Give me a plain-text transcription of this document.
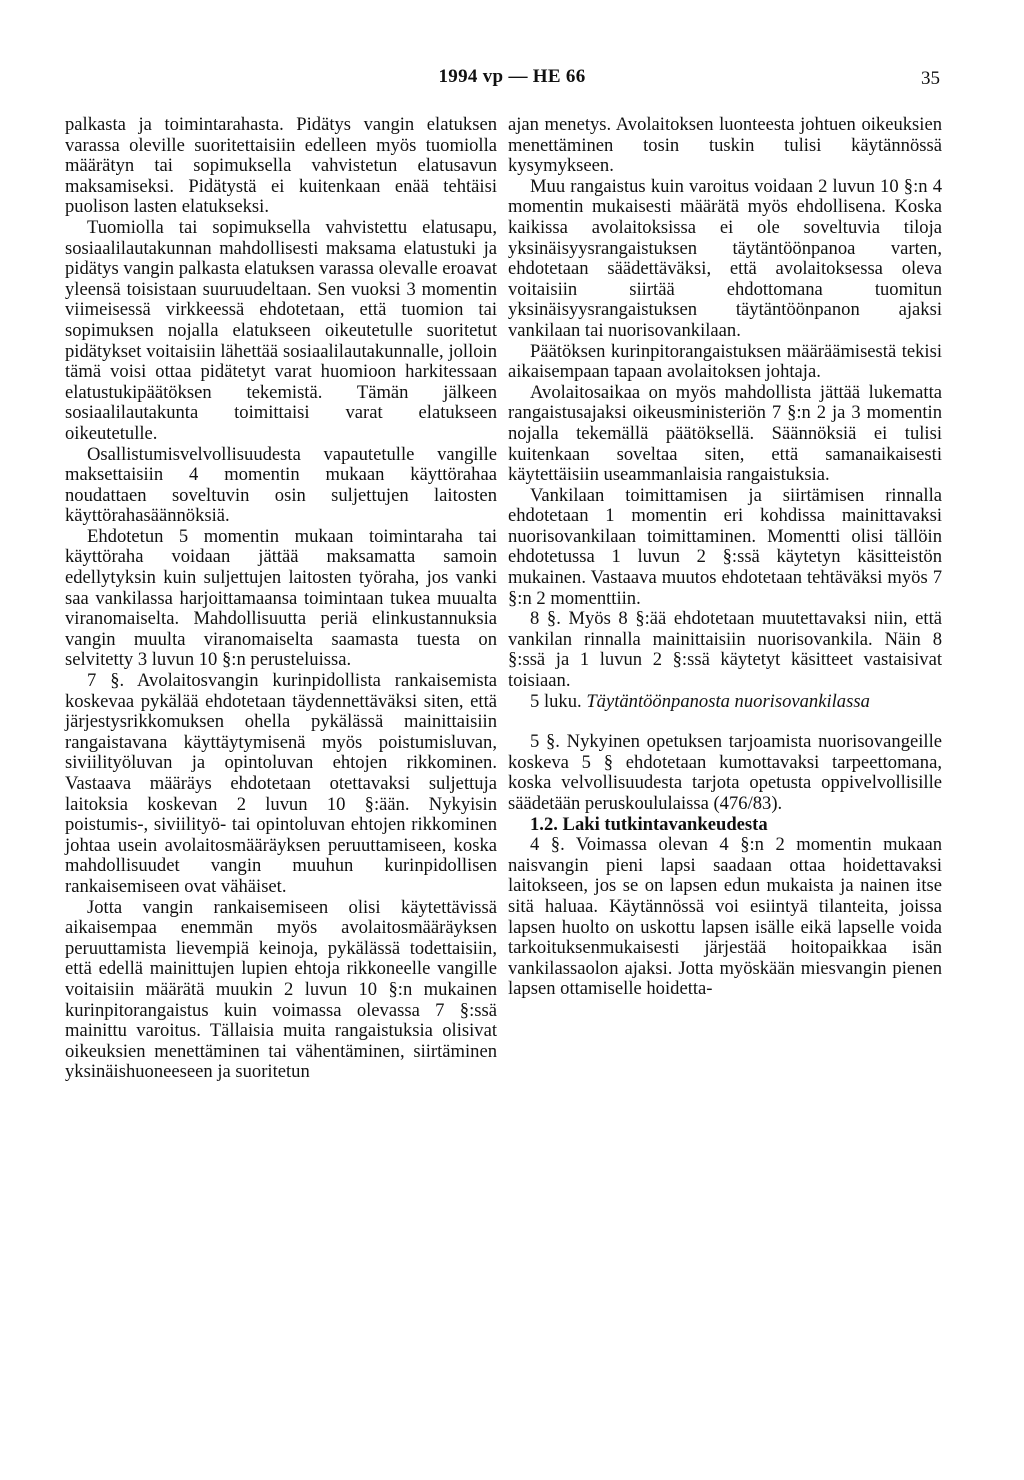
1994 vp — HE 66	35

palkasta ja toimintarahasta. Pidätys vangin elatuksen varassa oleville suoritettaisiin edelleen myös tuomiolla määrätyn tai sopimuksella vahvistetun elatusavun maksamiseksi. Pidätystä ei kuitenkaan enää tehtäisi puolison lasten elatukseksi.

Tuomiolla tai sopimuksella vahvistettu elatusapu, sosiaalilautakunnan mahdollisesti maksama elatustuki ja pidätys vangin palkasta elatuksen varassa olevalle eroavat yleensä toisistaan suuruudeltaan. Sen vuoksi 3 momentin viimeisessä virkkeessä ehdotetaan, että tuomion tai sopimuksen nojalla elatukseen oikeutetulle suoritetut pidätykset voitaisiin lähettää sosiaalilautakunnalle, jolloin tämä voisi ottaa pidätetyt varat huomioon harkitessaan elatustukipäätöksen tekemistä. Tämän jälkeen sosiaalilautakunta toimittaisi varat elatukseen oikeutetulle.

Osallistumisvelvollisuudesta vapautetulle vangille maksettaisiin 4 momentin mukaan käyttörahaa noudattaen soveltuvin osin suljettujen laitosten käyttörahasäännöksiä.

Ehdotetun 5 momentin mukaan toimintaraha tai käyttöraha voidaan jättää maksamatta samoin edellytyksin kuin suljettujen laitosten työraha, jos vanki saa vankilassa harjoittamaansa toimintaan tukea muualta viranomaiselta. Mahdollisuutta periä elinkustannuksia vangin muulta viranomaiselta saamasta tuesta on selvitetty 3 luvun 10 §:n perusteluissa.

7 §. Avolaitosvangin kurinpidollista rankaisemista koskevaa pykälää ehdotetaan täydennettäväksi siten, että järjestysrikkomuksen ohella pykälässä mainittaisiin rangaistavana käyttäytymisenä myös poistumisluvan, siviilityöluvan ja opintoluvan ehtojen rikkominen. Vastaava määräys ehdotetaan otettavaksi suljettuja laitoksia koskevan 2 luvun 10 §:ään. Nykyisin poistumis-, siviilityö- tai opintoluvan ehtojen rikkominen johtaa usein avolaitosmääräyksen peruuttamiseen, koska mahdollisuudet vangin muuhun kurinpidollisen rankaisemiseen ovat vähäiset.

Jotta vangin rankaisemiseen olisi käytettävissä aikaisempaa enemmän myös avolaitosmääräyksen peruuttamista lievempiä keinoja, pykälässä todettaisiin, että edellä mainittujen lupien ehtoja rikkoneelle vangille voitaisiin määrätä muukin 2 luvun 10 §:n mukainen kurinpitorangaistus kuin voimassa olevassa 7 §:ssä mainittu varoitus. Tällaisia muita rangaistuksia olisivat oikeuksien menettäminen tai vähentäminen, siirtäminen yksinäishuoneeseen ja suoritetun

ajan menetys. Avolaitoksen luonteesta johtuen oikeuksien menettäminen tosin tuskin tulisi käytännössä kysymykseen.

Muu rangaistus kuin varoitus voidaan 2 luvun 10 §:n 4 momentin mukaisesti määrätä myös ehdollisena. Koska kaikissa avolaitoksissa ei ole soveltuvia tiloja yksinäisyysrangaistuksen täytäntöönpanoa varten, ehdotetaan säädettäväksi, että avolaitoksessa oleva voitaisiin siirtää ehdottomana tuomitun yksinäisyysrangaistuksen täytäntöönpanon ajaksi vankilaan tai nuorisovankilaan.

Päätöksen kurinpitorangaistuksen määräämisestä tekisi aikaisempaan tapaan avolaitoksen johtaja.

Avolaitosaikaa on myös mahdollista jättää lukematta rangaistusajaksi oikeusministeriön 7 §:n 2 ja 3 momentin nojalla tekemällä päätöksellä. Säännöksiä ei tulisi kuitenkaan soveltaa siten, että samanaikaisesti käytettäisiin useammanlaisia rangaistuksia.

Vankilaan toimittamisen ja siirtämisen rinnalla ehdotetaan 1 momentin eri kohdissa mainittavaksi nuorisovankilaan toimittaminen. Momentti olisi tällöin ehdotetussa 1 luvun 2 §:ssä käytetyn käsitteistön mukainen. Vastaava muutos ehdotetaan tehtäväksi myös 7 §:n 2 momenttiin.

8 §. Myös 8 §:ää ehdotetaan muutettavaksi niin, että vankilan rinnalla mainittaisiin nuorisovankila. Näin 8 §:ssä ja 1 luvun 2 §:ssä käytetyt käsitteet vastaisivat toisiaan.

5 luku. Täytäntöönpanosta nuorisovankilassa

5 §. Nykyinen opetuksen tarjoamista nuorisovangeille koskeva 5 § ehdotetaan kumottavaksi tarpeettomana, koska velvollisuudesta tarjota opetusta oppivelvollisille säädetään peruskoululaissa (476/83).

1.2. Laki tutkintavankeudesta

4 §. Voimassa olevan 4 §:n 2 momentin mukaan naisvangin pieni lapsi saadaan ottaa hoidettavaksi laitokseen, jos se on lapsen edun mukaista ja nainen itse sitä haluaa. Käytännössä voi esiintyä tilanteita, joissa lapsen huolto on uskottu lapsen isälle eikä lapselle voida tarkoituksenmukaisesti järjestää hoitopaikkaa isän vankilassaolon ajaksi. Jotta myöskään miesvangin pienen lapsen ottamiselle hoidetta-
